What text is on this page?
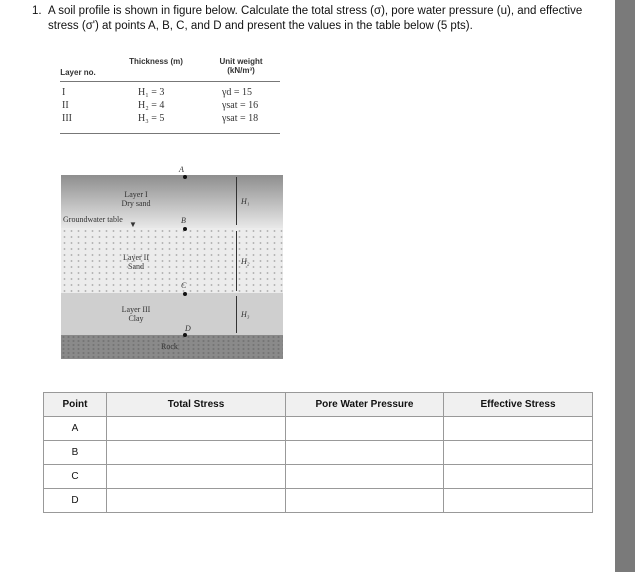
1. A soil profile is shown in figure below. Calculate the total stress (σ), pore water pressure (u), and effective stress (σ') at points A, B, C, and D and present the values in the table below (5 pts).
Layer no.
Thickness (m)	Unit weight (kN/m³)
I	H₁ = 3	γd = 15
II	H₂ = 4	γsat = 16
III	H₃ = 5	γsat = 18
Layer I
Dry sand
Groundwater table
▼
Layer II
Sand
Layer III
Clay
Rock
A
B
C
D
H₁
H₂
H₃
Point	Total Stress	Pore Water Pressure	Effective Stress
A			
B			
C			
D			
